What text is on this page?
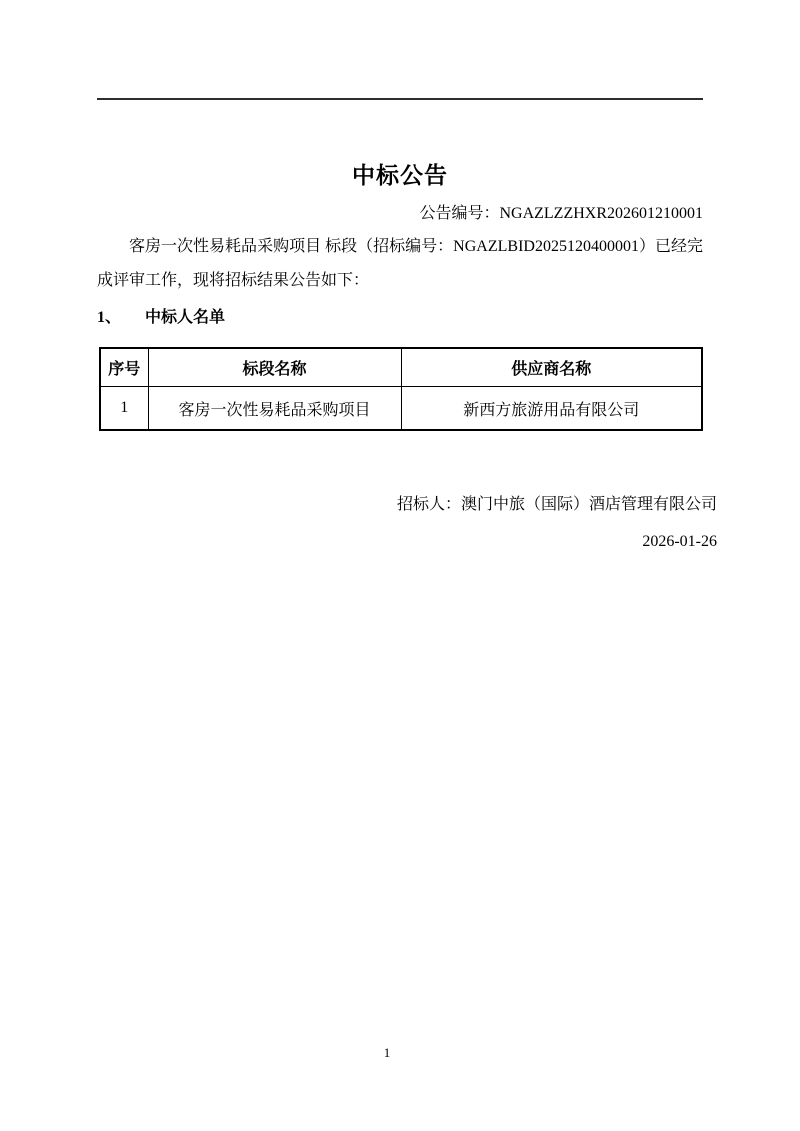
中标公告
公告编号：NGAZLZZHXR202601210001
客房一次性易耗品采购项目 标段（招标编号：NGAZLBID2025120400001）已经完成评审工作，现将招标结果公告如下：
1、 中标人名单
序号	标段名称	供应商名称
1	客房一次性易耗品采购项目	新西方旅游用品有限公司
招标人：澳门中旅（国际）酒店管理有限公司
2026-01-26
1
